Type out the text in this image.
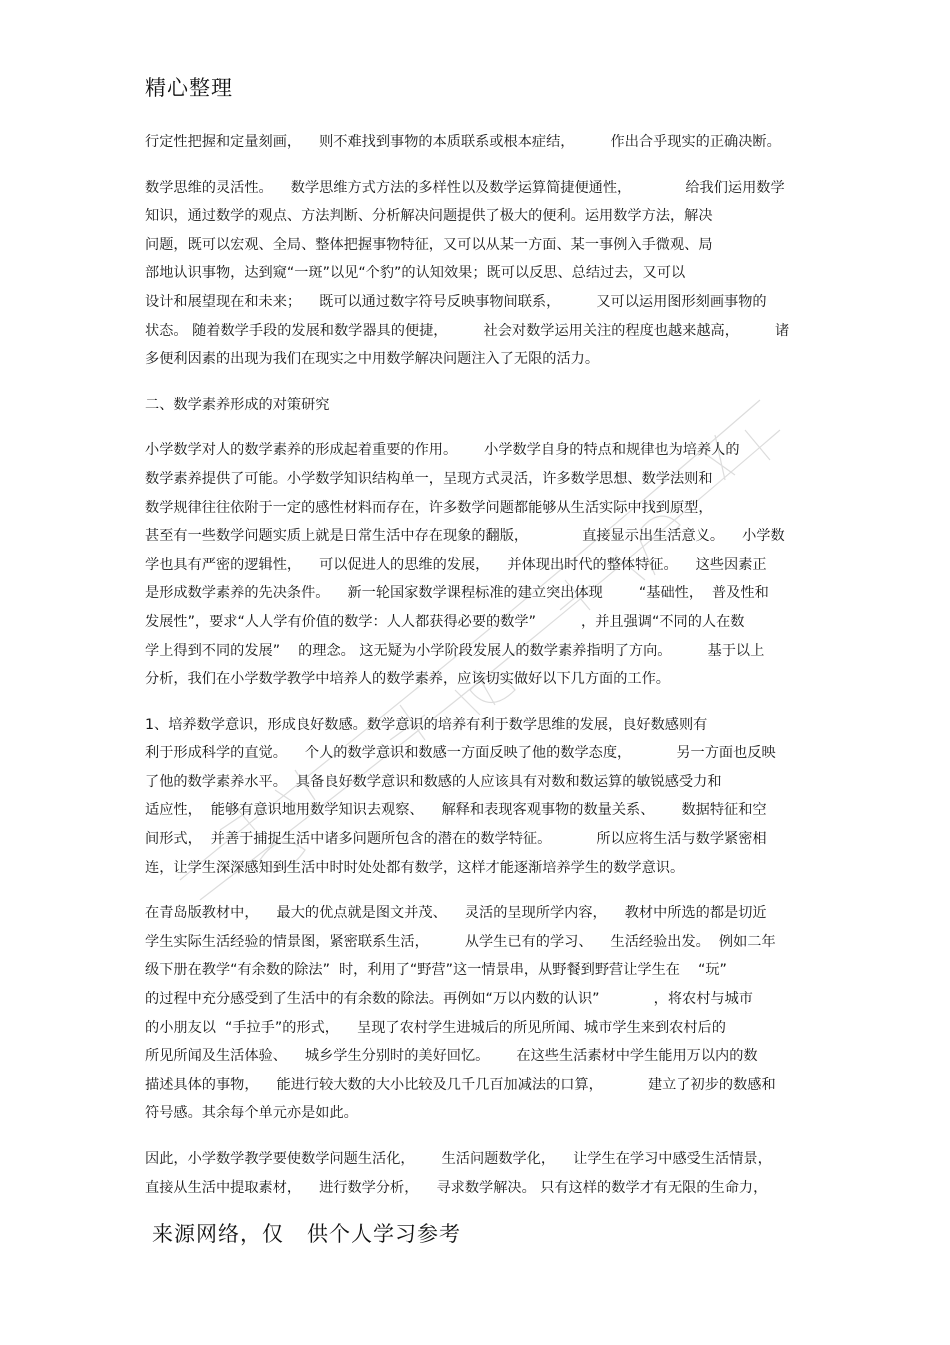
精心整理
行定性把握和定量刻画，    则不难找到事物的本质联系或根本症结，        作出合乎现实的正确决断。
数学思维的灵活性。    数学思维方式方法的多样性以及数学运算简捷便通性，            给我们运用数学
知识，通过数学的观点、方法判断、分析解决问题提供了极大的便利。运用数学方法，解决
问题，既可以宏观、全局、整体把握事物特征，又可以从某一方面、某一事例入手微观、局
部地认识事物，达到窥“一斑”以见“个豹”的认知效果；既可以反思、总结过去，又可以
设计和展望现在和未来；    既可以通过数字符号反映事物间联系，        又可以运用图形刻画事物的
状态。 随着数学手段的发展和数学器具的便捷，        社会对数学运用关注的程度也越来越高，        诸
多便利因素的出现为我们在现实之中用数学解决问题注入了无限的活力。
二、数学素养形成的对策研究
小学数学对人的数学素养的形成起着重要的作用。      小学数学自身的特点和规律也为培养人的
数学素养提供了可能。小学数学知识结构单一，呈现方式灵活，许多数学思想、数学法则和
数学规律往往依附于一定的感性材料而存在，许多数学问题都能够从生活实际中找到原型，
甚至有一些数学问题实质上就是日常生活中存在现象的翻版，            直接显示出生活意义。    小学数
学也具有严密的逻辑性，    可以促进人的思维的发展，    并体现出时代的整体特征。    这些因素正
是形成数学素养的先决条件。    新一轮国家数学课程标准的建立突出体现        “基础性，  普及性和
发展性”，要求“人人学有价值的数学：人人都获得必要的数学”          ，并且强调“不同的人在数
学上得到不同的发展”    的理念。 这无疑为小学阶段发展人的数学素养指明了方向。        基于以上
分析，我们在小学数学教学中培养人的数学素养，应该切实做好以下几方面的工作。
1、培养数学意识，形成良好数感。数学意识的培养有利于数学思维的发展，良好数感则有
利于形成科学的直觉。    个人的数学意识和数感一方面反映了他的数学态度，          另一方面也反映
了他的数学素养水平。  具备良好数学意识和数感的人应该具有对数和数运算的敏锐感受力和
适应性，  能够有意识地用数学知识去观察、    解释和表现客观事物的数量关系、      数据特征和空
间形式，  并善于捕捉生活中诸多问题所包含的潜在的数学特征。          所以应将生活与数学紧密相
连，让学生深深感知到生活中时时处处都有数学，这样才能逐渐培养学生的数学意识。
在青岛版教材中，    最大的优点就是图文并茂、    灵活的呈现所学内容，    教材中所选的都是切近
学生实际生活经验的情景图，紧密联系生活，        从学生已有的学习、    生活经验出发。  例如二年
级下册在教学“有余数的除法”  时，利用了“野营”这一情景串，从野餐到野营让学生在    “玩”
的过程中充分感受到了生活中的有余数的除法。再例如“万以内数的认识”            ，将农村与城市
的小朋友以  “手拉手”的形式，    呈现了农村学生进城后的所见所闻、城市学生来到农村后的
所见所闻及生活体验、    城乡学生分别时的美好回忆。      在这些生活素材中学生能用万以内的数
描述具体的事物，    能进行较大数的大小比较及几千几百加减法的口算，          建立了初步的数感和
符号感。其余每个单元亦是如此。
因此，小学数学教学要使数学问题生活化，      生活问题数学化，    让学生在学习中感受生活情景，
直接从生活中提取素材，    进行数学分析，    寻求数学解决。 只有这样的数学才有无限的生命力，
来源网络，仅   供个人学习参考
